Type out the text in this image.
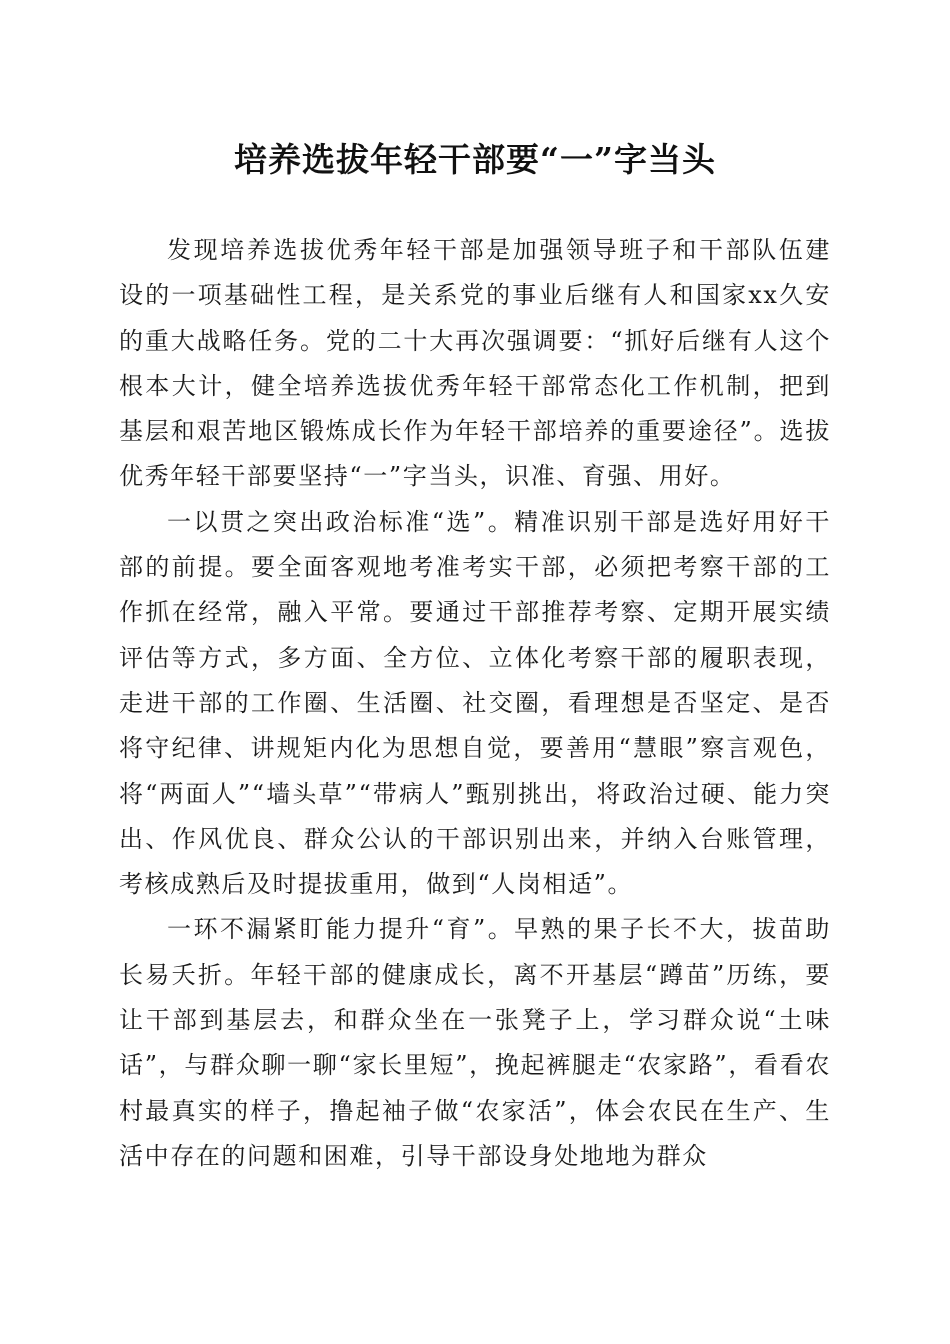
培养选拔年轻干部要“一”字当头

发现培养选拔优秀年轻干部是加强领导班子和干部队伍建设的一项基础性工程，是关系党的事业后继有人和国家xx久安的重大战略任务。党的二十大再次强调要：“抓好后继有人这个根本大计，健全培养选拔优秀年轻干部常态化工作机制，把到基层和艰苦地区锻炼成长作为年轻干部培养的重要途径”。选拔优秀年轻干部要坚持“一”字当头，识准、育强、用好。

一以贯之突出政治标准“选”。精准识别干部是选好用好干部的前提。要全面客观地考准考实干部，必须把考察干部的工作抓在经常，融入平常。要通过干部推荐考察、定期开展实绩评估等方式，多方面、全方位、立体化考察干部的履职表现，走进干部的工作圈、生活圈、社交圈，看理想是否坚定、是否将守纪律、讲规矩内化为思想自觉，要善用“慧眼”察言观色，将“两面人”“墙头草”“带病人”甄别挑出，将政治过硬、能力突出、作风优良、群众公认的干部识别出来，并纳入台账管理，考核成熟后及时提拔重用，做到“人岗相适”。

一环不漏紧盯能力提升“育”。早熟的果子长不大，拔苗助长易夭折。年轻干部的健康成长，离不开基层“蹲苗”历练，要让干部到基层去，和群众坐在一张凳子上，学习群众说“土味话”，与群众聊一聊“家长里短”，挽起裤腿走“农家路”，看看农村最真实的样子，撸起袖子做“农家活”，体会农民在生产、生活中存在的问题和困难，引导干部设身处地地为群众
